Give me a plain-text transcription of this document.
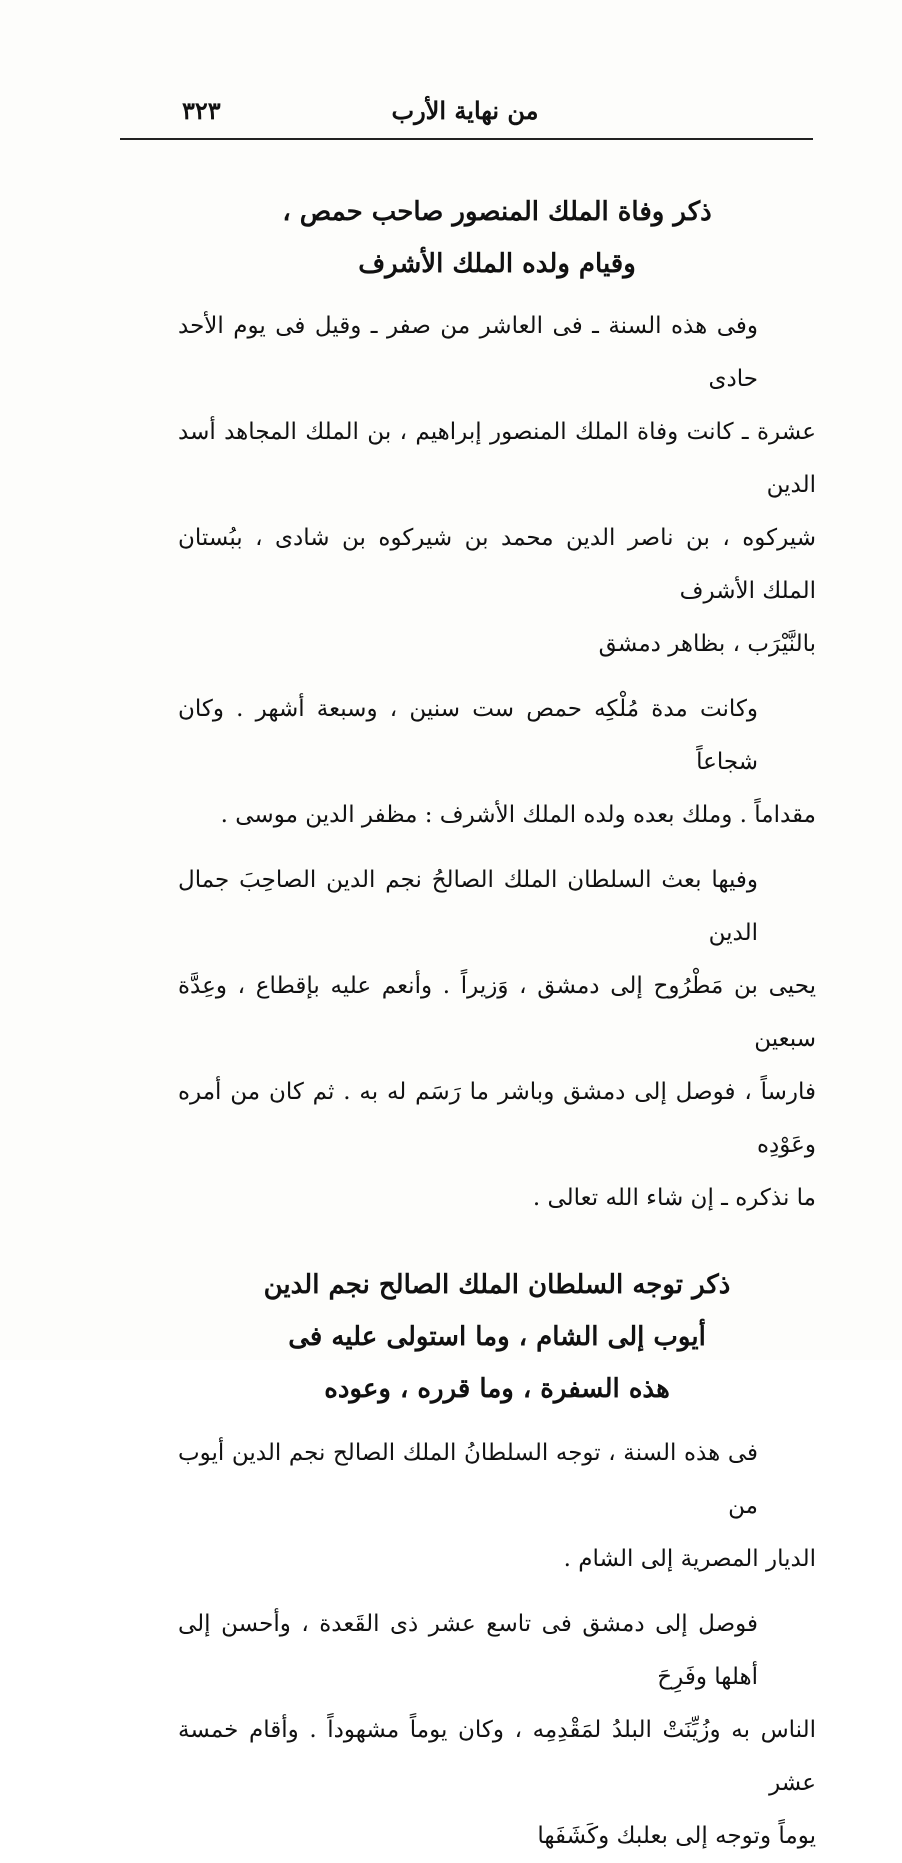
٣٢٣	من نهاية الأرب
ذكر وفاة الملك المنصور صاحب حمص ،
وقيام ولده الملك الأشرف

وفى هذه السنة ـ فى العاشر من صفر ـ وقيل فى يوم الأحد حادى
عشرة ـ كانت وفاة الملك المنصور إبراهيم ، بن الملك المجاهد أسد الدين
شيركوه ، بن ناصر الدين محمد بن شيركوه بن شادى ، ببُستان الملك الأشرف
بالنَّيْرَب ، بظاهر دمشق

وكانت مدة مُلْكِه حمص ست سنين ، وسبعة أشهر . وكان شجاعاً
مقداماً . وملك بعده ولده الملك الأشرف : مظفر الدين موسى .

وفيها بعث السلطان الملك الصالحُ نجم الدين الصاحِبَ جمال الدين
يحيى بن مَطْرُوح إلى دمشق ، وَزيراً . وأنعم عليه بإقطاع ، وعِدَّة سبعين
فارساً ، فوصل إلى دمشق وباشر ما رَسَم له به . ثم كان من أمره وعَوْدِه
ما نذكره ـ إن شاء الله تعالى .

ذكر توجه السلطان الملك الصالح نجم الدين
أيوب إلى الشام ، وما استولى عليه فى
هذه السفرة ، وما قرره ، وعوده

فى هذه السنة ، توجه السلطانُ الملك الصالح نجم الدين أيوب من
الديار المصرية إلى الشام .

فوصل إلى دمشق فى تاسع عشر ذى القَعدة ، وأحسن إلى أهلها وفَرِحَ
الناس به وزُيِّنَتْ البلدُ لمَقْدِمِه ، وكان يوماً مشهوداً . وأقام خمسة عشر
يوماً وتوجه إلى بعلبك وكَشَفَها
